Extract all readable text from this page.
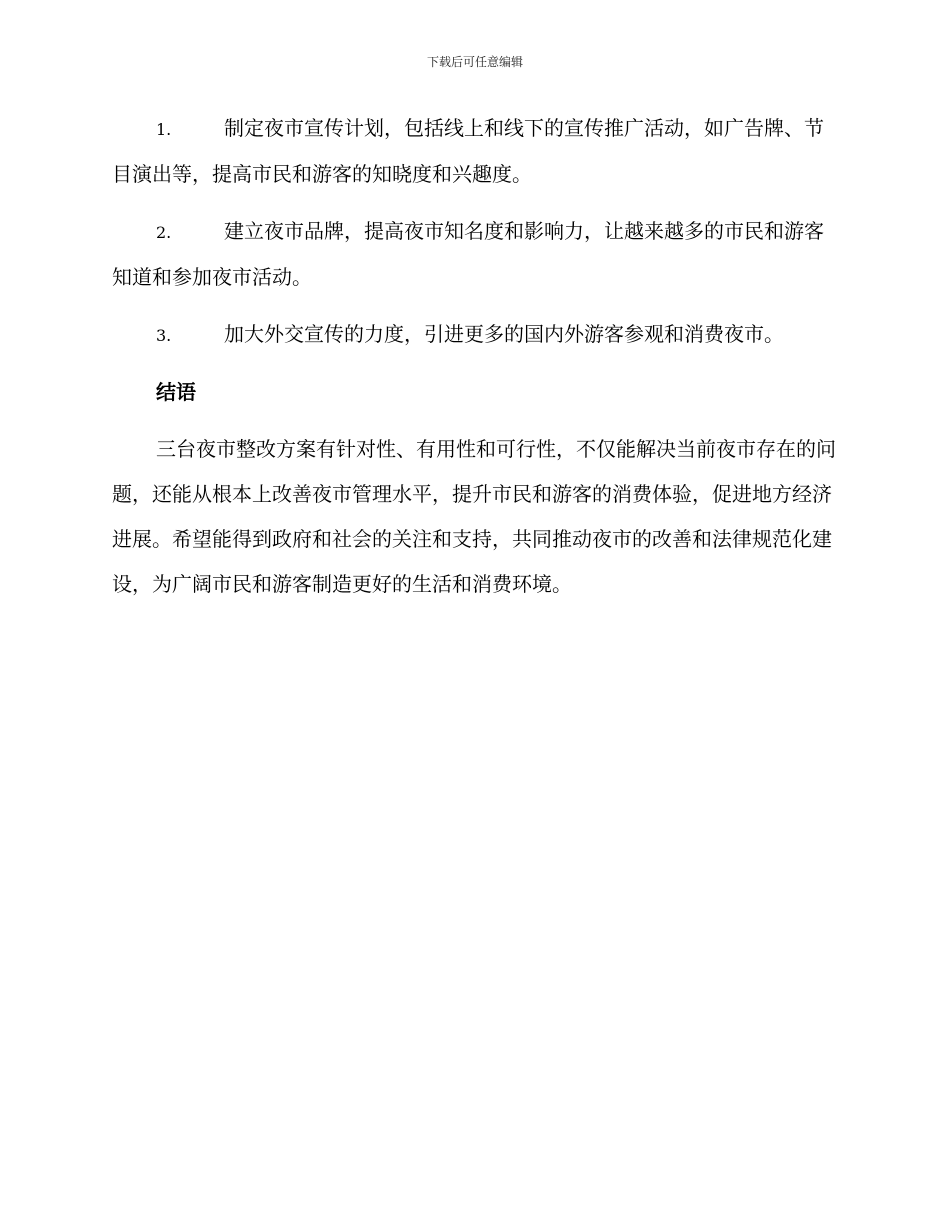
下载后可任意编辑

1.	制定夜市宣传计划，包括线上和线下的宣传推广活动，如广告牌、节目演出等，提高市民和游客的知晓度和兴趣度。

2.	建立夜市品牌，提高夜市知名度和影响力，让越来越多的市民和游客知道和参加夜市活动。

3.	加大外交宣传的力度，引进更多的国内外游客参观和消费夜市。

结语

三台夜市整改方案有针对性、有用性和可行性，不仅能解决当前夜市存在的问题，还能从根本上改善夜市管理水平，提升市民和游客的消费体验，促进地方经济进展。希望能得到政府和社会的关注和支持，共同推动夜市的改善和法律规范化建设，为广阔市民和游客制造更好的生活和消费环境。
